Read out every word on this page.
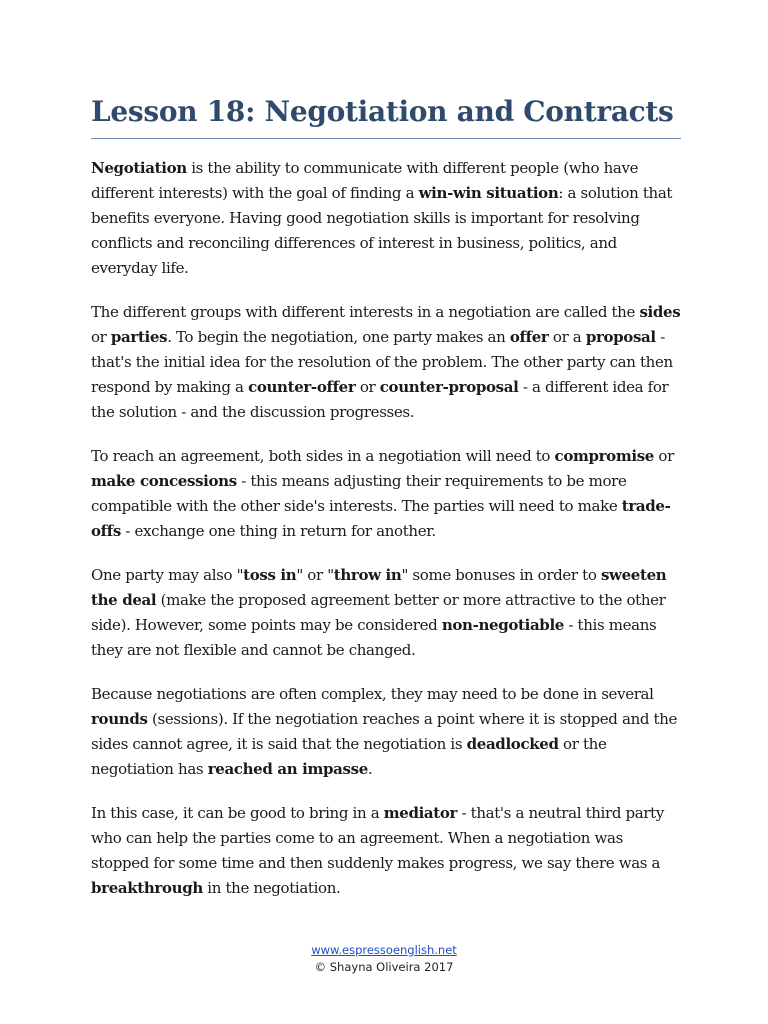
Lesson 18: Negotiation and Contracts

Negotiation is the ability to communicate with different people (who have different interests) with the goal of finding a win-win situation: a solution that benefits everyone. Having good negotiation skills is important for resolving conflicts and reconciling differences of interest in business, politics, and everyday life.

The different groups with different interests in a negotiation are called the sides or parties. To begin the negotiation, one party makes an offer or a proposal - that's the initial idea for the resolution of the problem. The other party can then respond by making a counter-offer or counter-proposal - a different idea for the solution - and the discussion progresses.

To reach an agreement, both sides in a negotiation will need to compromise or make concessions - this means adjusting their requirements to be more compatible with the other side's interests. The parties will need to make trade-offs - exchange one thing in return for another.

One party may also "toss in" or "throw in" some bonuses in order to sweeten the deal (make the proposed agreement better or more attractive to the other side). However, some points may be considered non-negotiable - this means they are not flexible and cannot be changed.

Because negotiations are often complex, they may need to be done in several rounds (sessions). If the negotiation reaches a point where it is stopped and the sides cannot agree, it is said that the negotiation is deadlocked or the negotiation has reached an impasse.

In this case, it can be good to bring in a mediator - that's a neutral third party who can help the parties come to an agreement. When a negotiation was stopped for some time and then suddenly makes progress, we say there was a breakthrough in the negotiation.

www.espressoenglish.net
© Shayna Oliveira 2017
